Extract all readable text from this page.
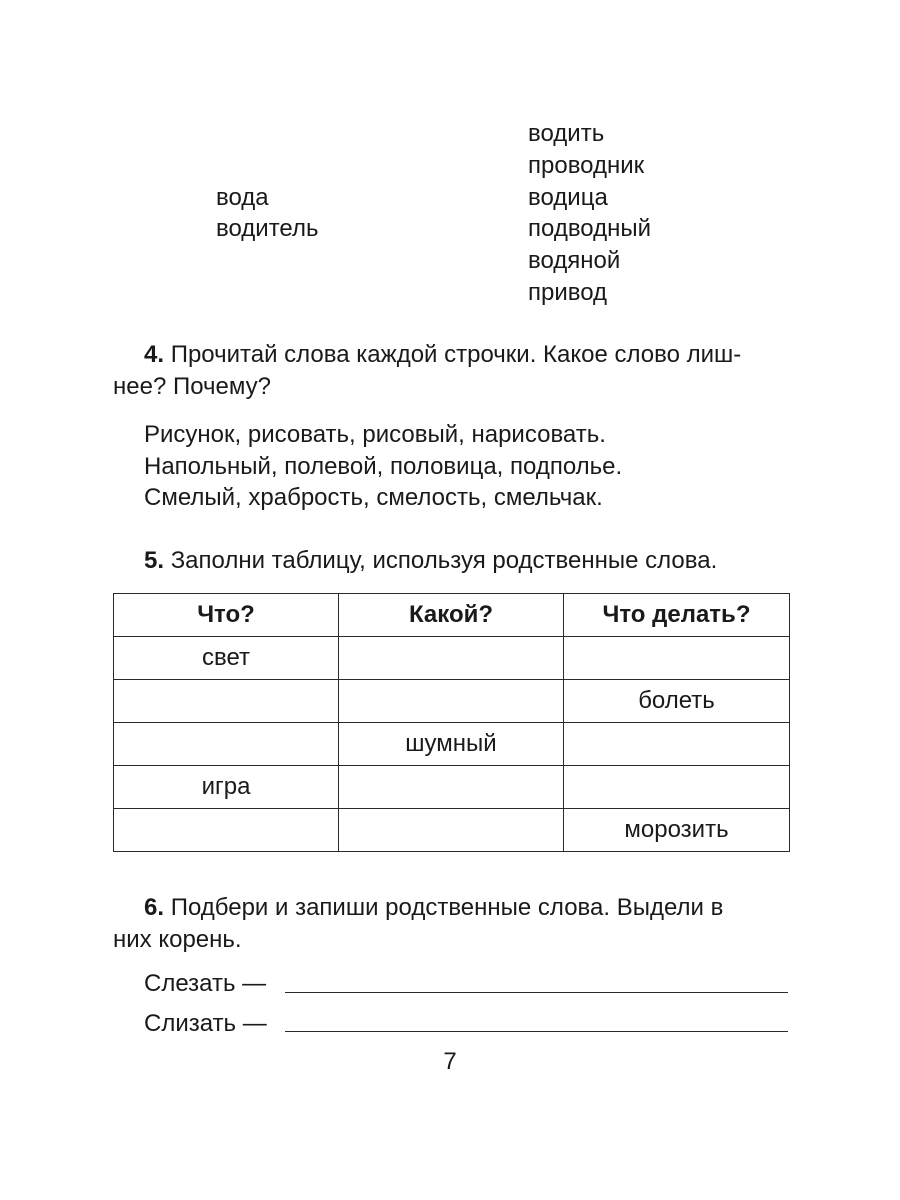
водить
проводник
водица
подводный
водяной
привод
вода
водитель
4. Прочитай слова каждой строчки. Какое слово лиш-
нее? Почему?
Рисунок, рисовать, рисовый, нарисовать.
Напольный, полевой, половица, подполье.
Смелый, храбрость, смелость, смельчак.
5. Заполни таблицу, используя родственные слова.
Что?	Какой?	Что делать?
свет		
		болеть
	шумный	
игра		
		морозить
6. Подбери и запиши родственные слова. Выдели в
них корень.
Слезать —
Слизать —
7
